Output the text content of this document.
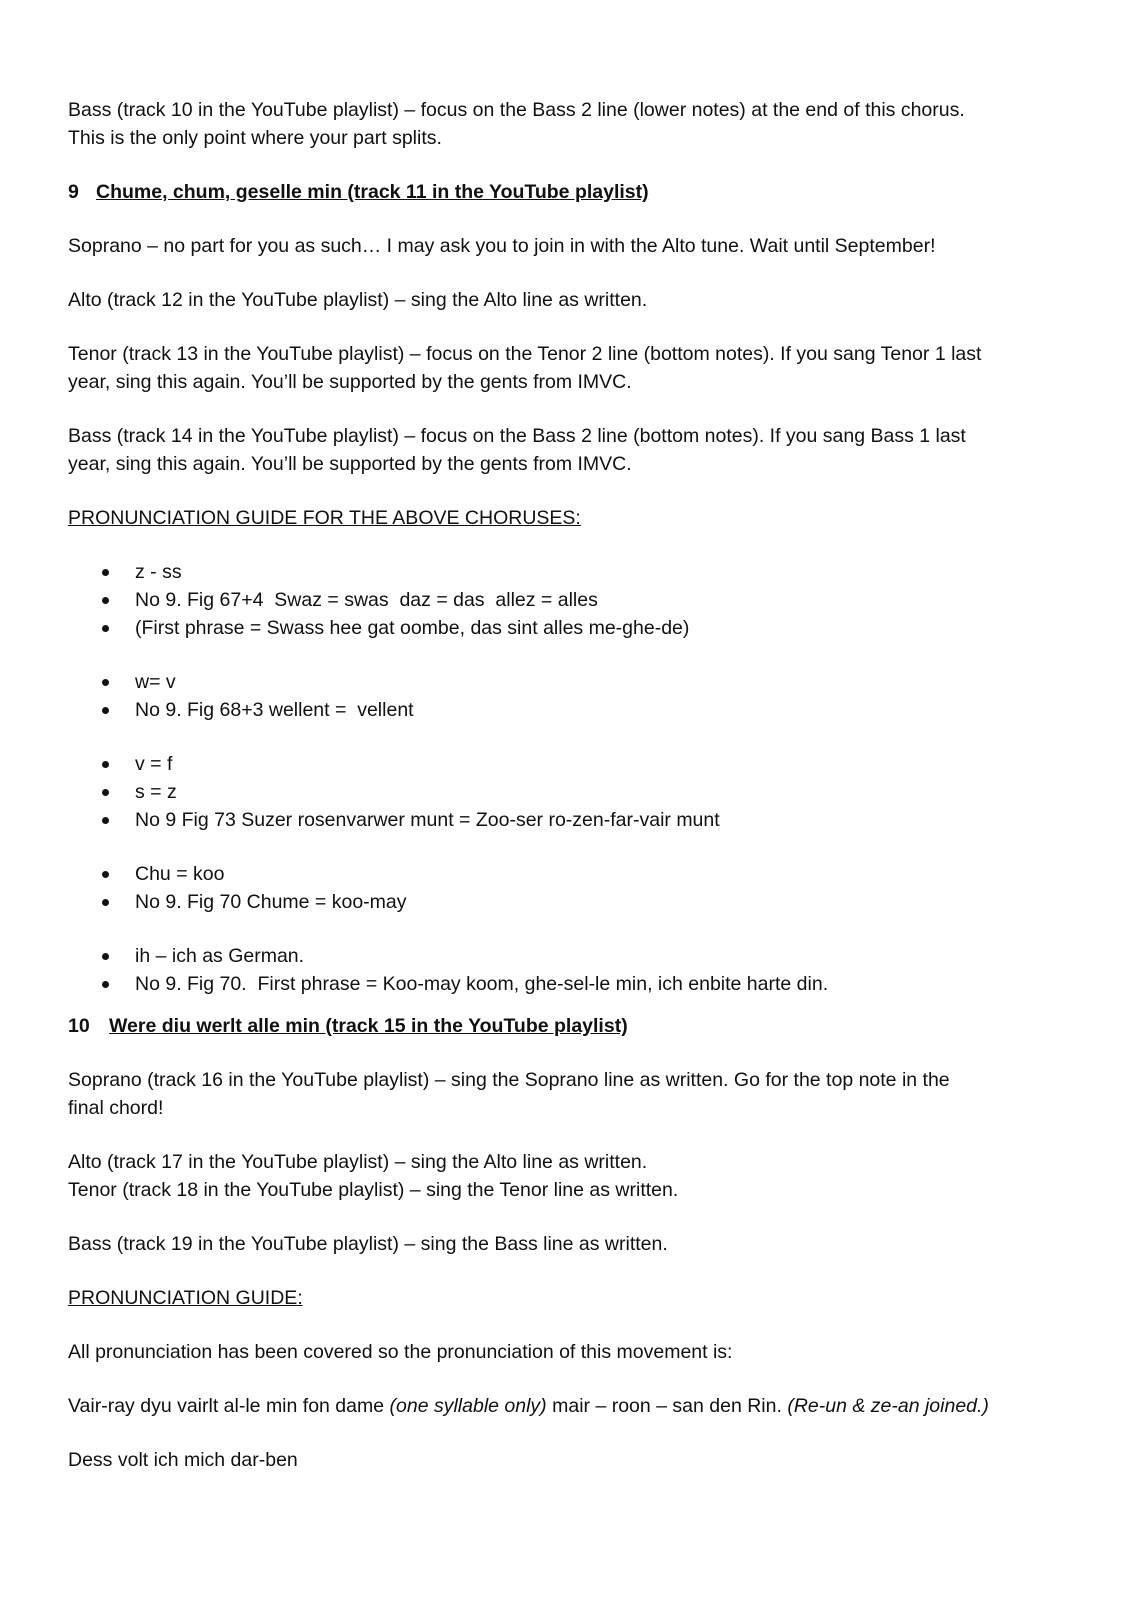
Bass (track 10 in the YouTube playlist) – focus on the Bass 2 line (lower notes) at the end of this chorus.

This is the only point where your part splits.

9 Chume, chum, geselle min (track 11 in the YouTube playlist)

Soprano – no part for you as such… I may ask you to join in with the Alto tune. Wait until September!

Alto (track 12 in the YouTube playlist) – sing the Alto line as written.

Tenor (track 13 in the YouTube playlist) – focus on the Tenor 2 line (bottom notes). If you sang Tenor 1 last

year, sing this again. You’ll be supported by the gents from IMVC.

Bass (track 14 in the YouTube playlist) – focus on the Bass 2 line (bottom notes). If you sang Bass 1 last

year, sing this again. You’ll be supported by the gents from IMVC.

PRONUNCIATION GUIDE FOR THE ABOVE CHORUSES:

z - ss
No 9. Fig 67+4  Swaz = swas  daz = das  allez = alles
(First phrase = Swass hee gat oombe, das sint alles me-ghe-de)
w= v
No 9. Fig 68+3 wellent =  vellent
v = f
s = z
No 9 Fig 73 Suzer rosenvarwer munt = Zoo-ser ro-zen-far-vair munt
Chu = koo
No 9. Fig 70 Chume = koo-may
ih – ich as German.
No 9. Fig 70.  First phrase = Koo-may koom, ghe-sel-le min, ich enbite harte din.

10 Were diu werlt alle min (track 15 in the YouTube playlist)

Soprano (track 16 in the YouTube playlist) – sing the Soprano line as written. Go for the top note in the

final chord!

Alto (track 17 in the YouTube playlist) – sing the Alto line as written.

Tenor (track 18 in the YouTube playlist) – sing the Tenor line as written.

Bass (track 19 in the YouTube playlist) – sing the Bass line as written.

PRONUNCIATION GUIDE:

All pronunciation has been covered so the pronunciation of this movement is:

Vair-ray dyu vairlt al-le min fon dame (one syllable only) mair – roon – san den Rin. (Re-un & ze-an joined.)

Dess volt ich mich dar-ben
